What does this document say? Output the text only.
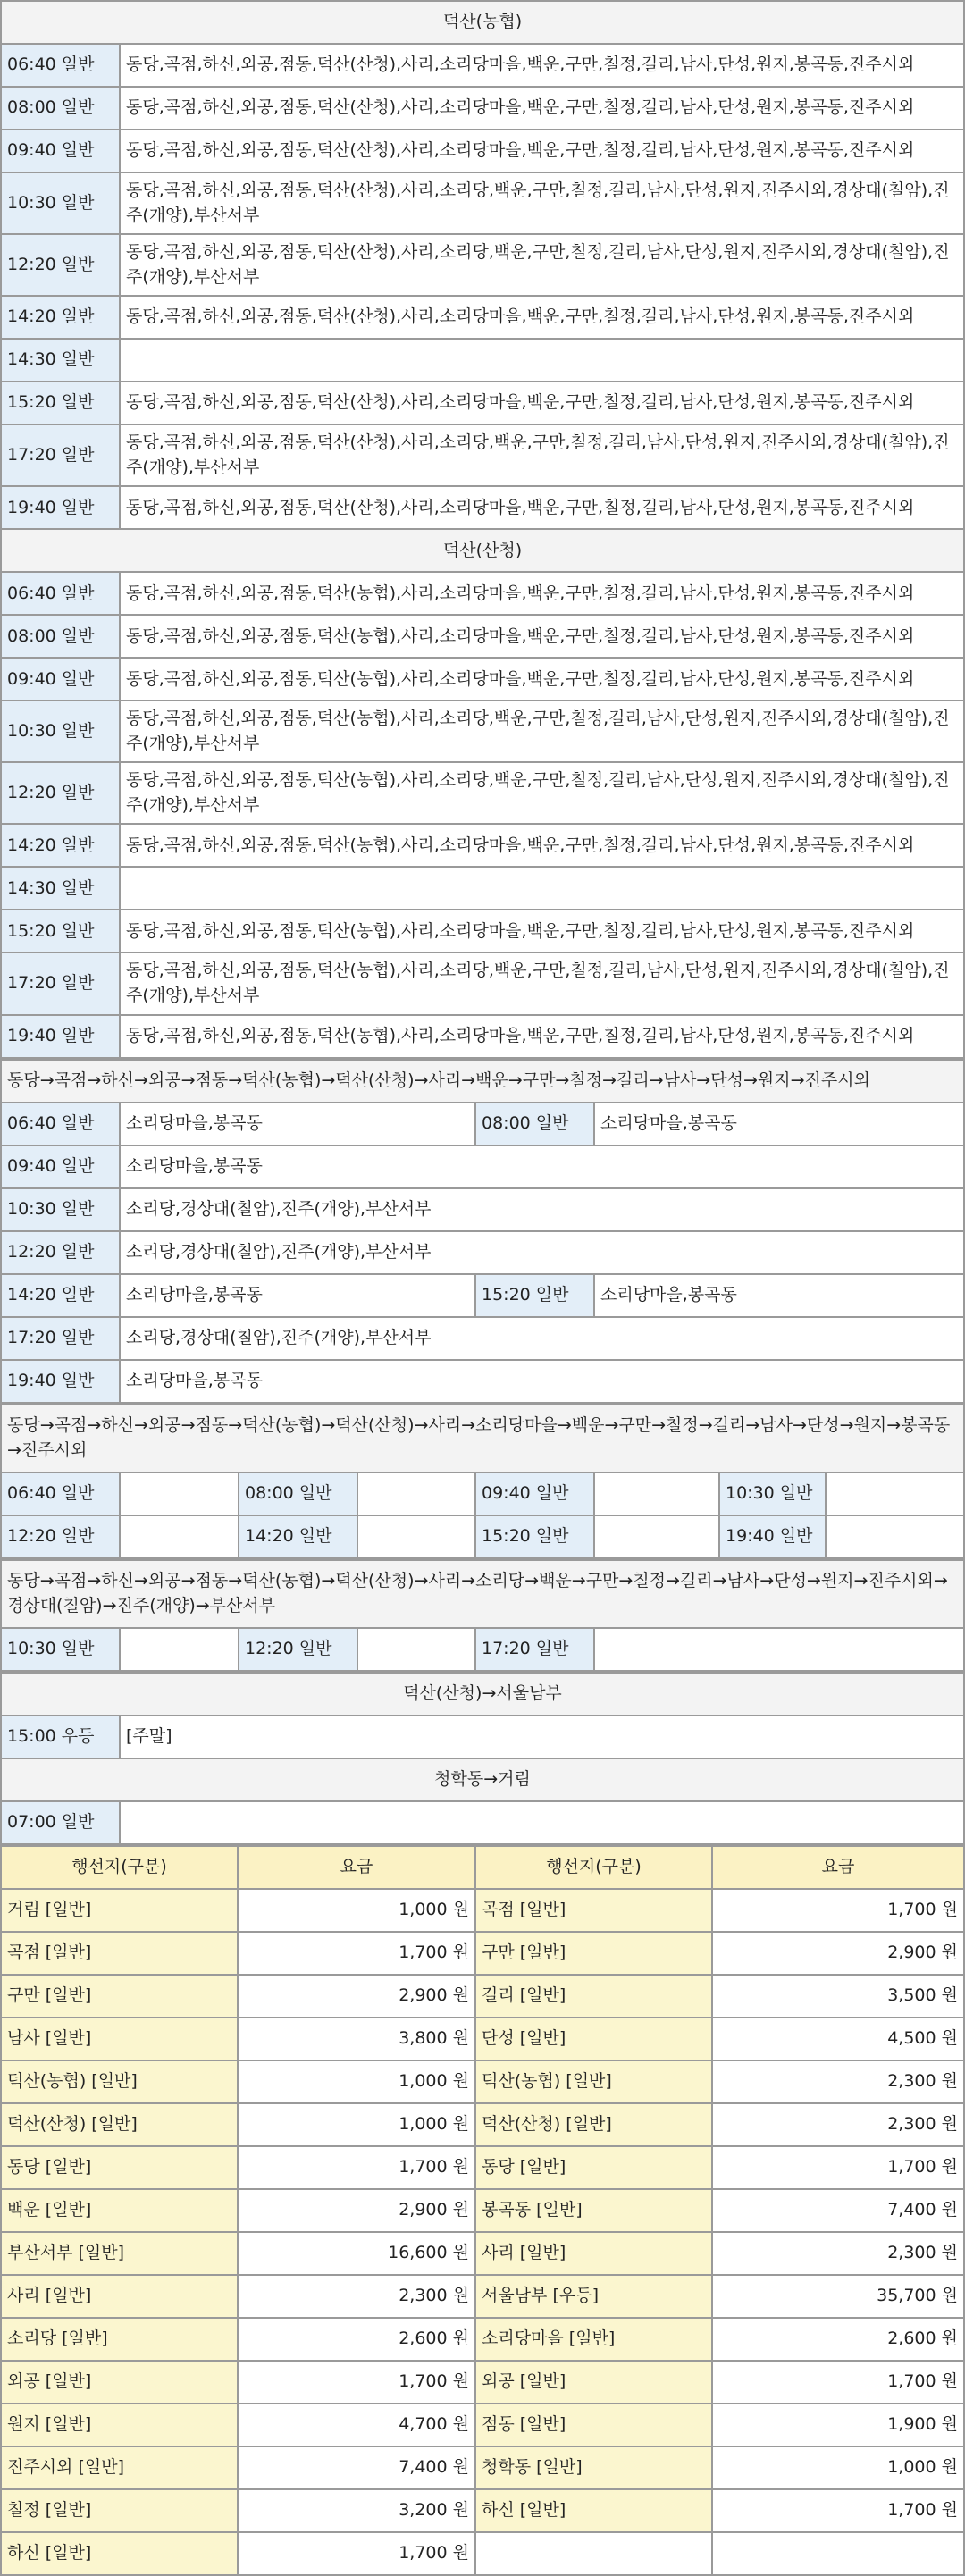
덕산(농협)	
06:40 일반	동당,곡점,하신,외공,점동,덕산(산청),사리,소리당마을,백운,구만,칠정,길리,남사,단성,원지,봉곡동,진주시외
08:00 일반	동당,곡점,하신,외공,점동,덕산(산청),사리,소리당마을,백운,구만,칠정,길리,남사,단성,원지,봉곡동,진주시외
09:40 일반	동당,곡점,하신,외공,점동,덕산(산청),사리,소리당마을,백운,구만,칠정,길리,남사,단성,원지,봉곡동,진주시외
10:30 일반	동당,곡점,하신,외공,점동,덕산(산청),사리,소리당,백운,구만,칠정,길리,남사,단성,원지,진주시외,경상대(칠암),진주(개양),부산서부
12:20 일반	동당,곡점,하신,외공,점동,덕산(산청),사리,소리당,백운,구만,칠정,길리,남사,단성,원지,진주시외,경상대(칠암),진주(개양),부산서부
14:20 일반	동당,곡점,하신,외공,점동,덕산(산청),사리,소리당마을,백운,구만,칠정,길리,남사,단성,원지,봉곡동,진주시외
14:30 일반	
15:20 일반	동당,곡점,하신,외공,점동,덕산(산청),사리,소리당마을,백운,구만,칠정,길리,남사,단성,원지,봉곡동,진주시외
17:20 일반	동당,곡점,하신,외공,점동,덕산(산청),사리,소리당,백운,구만,칠정,길리,남사,단성,원지,진주시외,경상대(칠암),진주(개양),부산서부
19:40 일반	동당,곡점,하신,외공,점동,덕산(산청),사리,소리당마을,백운,구만,칠정,길리,남사,단성,원지,봉곡동,진주시외
덕산(산청)	
06:40 일반	동당,곡점,하신,외공,점동,덕산(농협),사리,소리당마을,백운,구만,칠정,길리,남사,단성,원지,봉곡동,진주시외
08:00 일반	동당,곡점,하신,외공,점동,덕산(농협),사리,소리당마을,백운,구만,칠정,길리,남사,단성,원지,봉곡동,진주시외
09:40 일반	동당,곡점,하신,외공,점동,덕산(농협),사리,소리당마을,백운,구만,칠정,길리,남사,단성,원지,봉곡동,진주시외
10:30 일반	동당,곡점,하신,외공,점동,덕산(농협),사리,소리당,백운,구만,칠정,길리,남사,단성,원지,진주시외,경상대(칠암),진주(개양),부산서부
12:20 일반	동당,곡점,하신,외공,점동,덕산(농협),사리,소리당,백운,구만,칠정,길리,남사,단성,원지,진주시외,경상대(칠암),진주(개양),부산서부
14:20 일반	동당,곡점,하신,외공,점동,덕산(농협),사리,소리당마을,백운,구만,칠정,길리,남사,단성,원지,봉곡동,진주시외
14:30 일반	
15:20 일반	동당,곡점,하신,외공,점동,덕산(농협),사리,소리당마을,백운,구만,칠정,길리,남사,단성,원지,봉곡동,진주시외
17:20 일반	동당,곡점,하신,외공,점동,덕산(농협),사리,소리당,백운,구만,칠정,길리,남사,단성,원지,진주시외,경상대(칠암),진주(개양),부산서부
19:40 일반	동당,곡점,하신,외공,점동,덕산(농협),사리,소리당마을,백운,구만,칠정,길리,남사,단성,원지,봉곡동,진주시외
동당→곡점→하신→외공→점동→덕산(농협)→덕산(산청)→사리→백운→구만→칠정→길리→남사→단성→원지→진주시외			
06:40 일반	소리당마을,봉곡동	08:00 일반	소리당마을,봉곡동
09:40 일반	소리당마을,봉곡동		
10:30 일반	소리당,경상대(칠암),진주(개양),부산서부		
12:20 일반	소리당,경상대(칠암),진주(개양),부산서부		
14:20 일반	소리당마을,봉곡동	15:20 일반	소리당마을,봉곡동
17:20 일반	소리당,경상대(칠암),진주(개양),부산서부		
19:40 일반	소리당마을,봉곡동		
동당→곡점→하신→외공→점동→덕산(농협)→덕산(산청)→사리→소리당마을→백운→구만→칠정→길리→남사→단성→원지→봉곡동→진주시외							
06:40 일반		08:00 일반		09:40 일반		10:30 일반	
12:20 일반		14:20 일반		15:20 일반		19:40 일반	
동당→곡점→하신→외공→점동→덕산(농협)→덕산(산청)→사리→소리당→백운→구만→칠정→길리→남사→단성→원지→진주시외→경상대(칠암)→진주(개양)→부산서부
10:30 일반		12:20 일반		17:20 일반	
덕산(산청)→서울남부	
15:00 우등	[주말]
청학동→거림	
07:00 일반	
행선지(구분)	요금	행선지(구분)	요금
거림 [일반]	1,000 원	곡점 [일반]	1,700 원
곡점 [일반]	1,700 원	구만 [일반]	2,900 원
구만 [일반]	2,900 원	길리 [일반]	3,500 원
남사 [일반]	3,800 원	단성 [일반]	4,500 원
덕산(농협) [일반]	1,000 원	덕산(농협) [일반]	2,300 원
덕산(산청) [일반]	1,000 원	덕산(산청) [일반]	2,300 원
동당 [일반]	1,700 원	동당 [일반]	1,700 원
백운 [일반]	2,900 원	봉곡동 [일반]	7,400 원
부산서부 [일반]	16,600 원	사리 [일반]	2,300 원
사리 [일반]	2,300 원	서울남부 [우등]	35,700 원
소리당 [일반]	2,600 원	소리당마을 [일반]	2,600 원
외공 [일반]	1,700 원	외공 [일반]	1,700 원
원지 [일반]	4,700 원	점동 [일반]	1,900 원
진주시외 [일반]	7,400 원	청학동 [일반]	1,000 원
칠정 [일반]	3,200 원	하신 [일반]	1,700 원
하신 [일반]	1,700 원		
